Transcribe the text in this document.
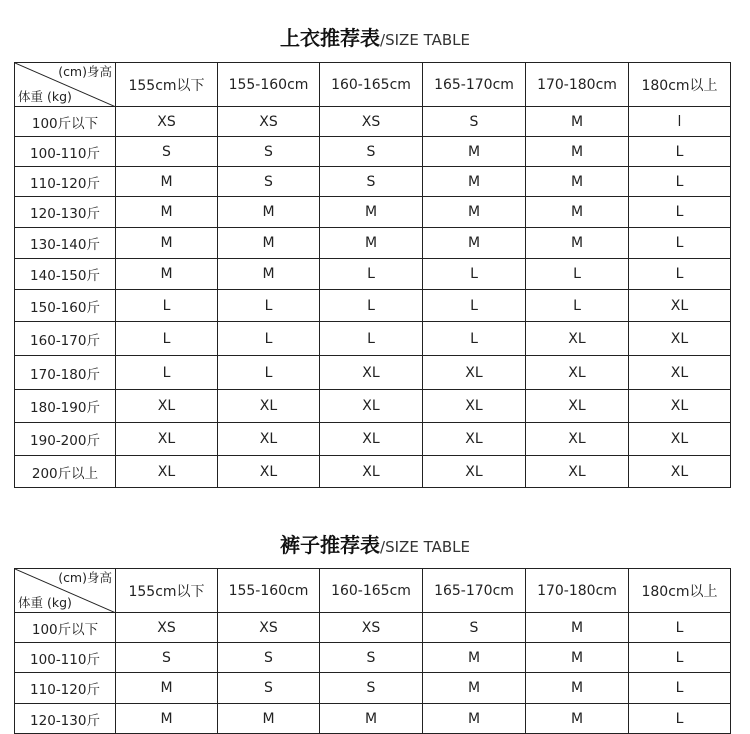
上衣推荐表/SIZE TABLE
(cm)身高
体重 (kg)	155cm以下	155-160cm	160-165cm	165-170cm	170-180cm	180cm以上
100斤以下	XS	XS	XS	S	M	l
100-110斤	S	S	S	M	M	L
110-120斤	M	S	S	M	M	L
120-130斤	M	M	M	M	M	L
130-140斤	M	M	M	M	M	L
140-150斤	M	M	L	L	L	L
150-160斤	L	L	L	L	L	XL
160-170斤	L	L	L	L	XL	XL
170-180斤	L	L	XL	XL	XL	XL
180-190斤	XL	XL	XL	XL	XL	XL
190-200斤	XL	XL	XL	XL	XL	XL
200斤以上	XL	XL	XL	XL	XL	XL
裤子推荐表/SIZE TABLE
(cm)身高
体重 (kg)	155cm以下	155-160cm	160-165cm	165-170cm	170-180cm	180cm以上
100斤以下	XS	XS	XS	S	M	L
100-110斤	S	S	S	M	M	L
110-120斤	M	S	S	M	M	L
120-130斤	M	M	M	M	M	L
